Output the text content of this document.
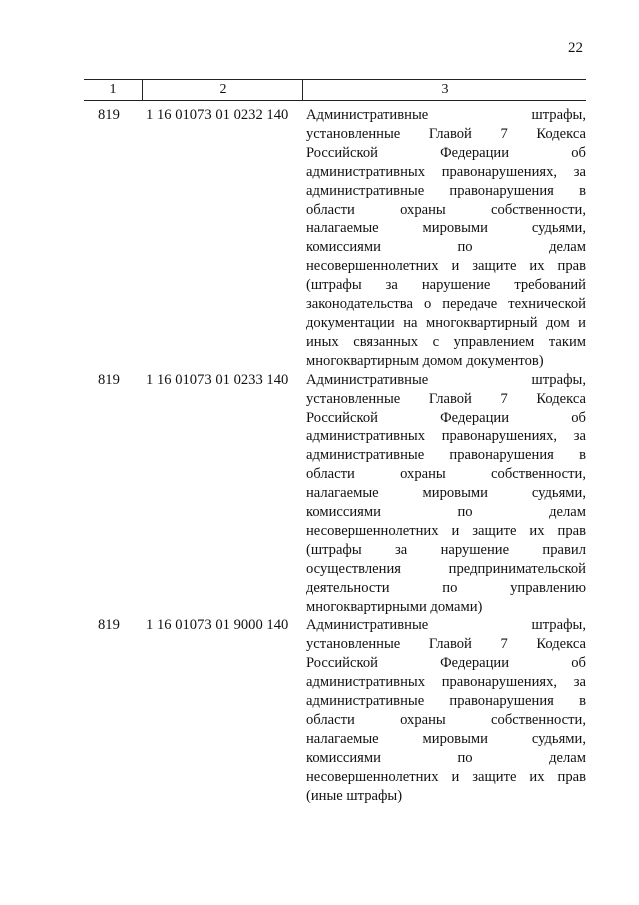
22
1	2	3
819	1 16 01073 01 0232 140 Административные штрафы,
установленные Главой 7 Кодекса
Российской Федерации об
административных правонарушениях, за
административные правонарушения в
области охраны собственности,
налагаемые мировыми судьями,
комиссиями по делам
несовершеннолетних и защите их прав
(штрафы за нарушение требований
законодательства о передаче технической
документации на многоквартирный дом и
иных связанных с управлением таким
многоквартирным домом документов)
819	1 16 01073 01 0233 140 Административные штрафы,
установленные Главой 7 Кодекса
Российской Федерации об
административных правонарушениях, за
административные правонарушения в
области охраны собственности,
налагаемые мировыми судьями,
комиссиями по делам
несовершеннолетних и защите их прав
(штрафы за нарушение правил
осуществления предпринимательской
деятельности по управлению
многоквартирными домами)
819	1 16 01073 01 9000 140 Административные штрафы,
установленные Главой 7 Кодекса
Российской Федерации об
административных правонарушениях, за
административные правонарушения в
области охраны собственности,
налагаемые мировыми судьями,
комиссиями по делам
несовершеннолетних и защите их прав
(иные штрафы)
